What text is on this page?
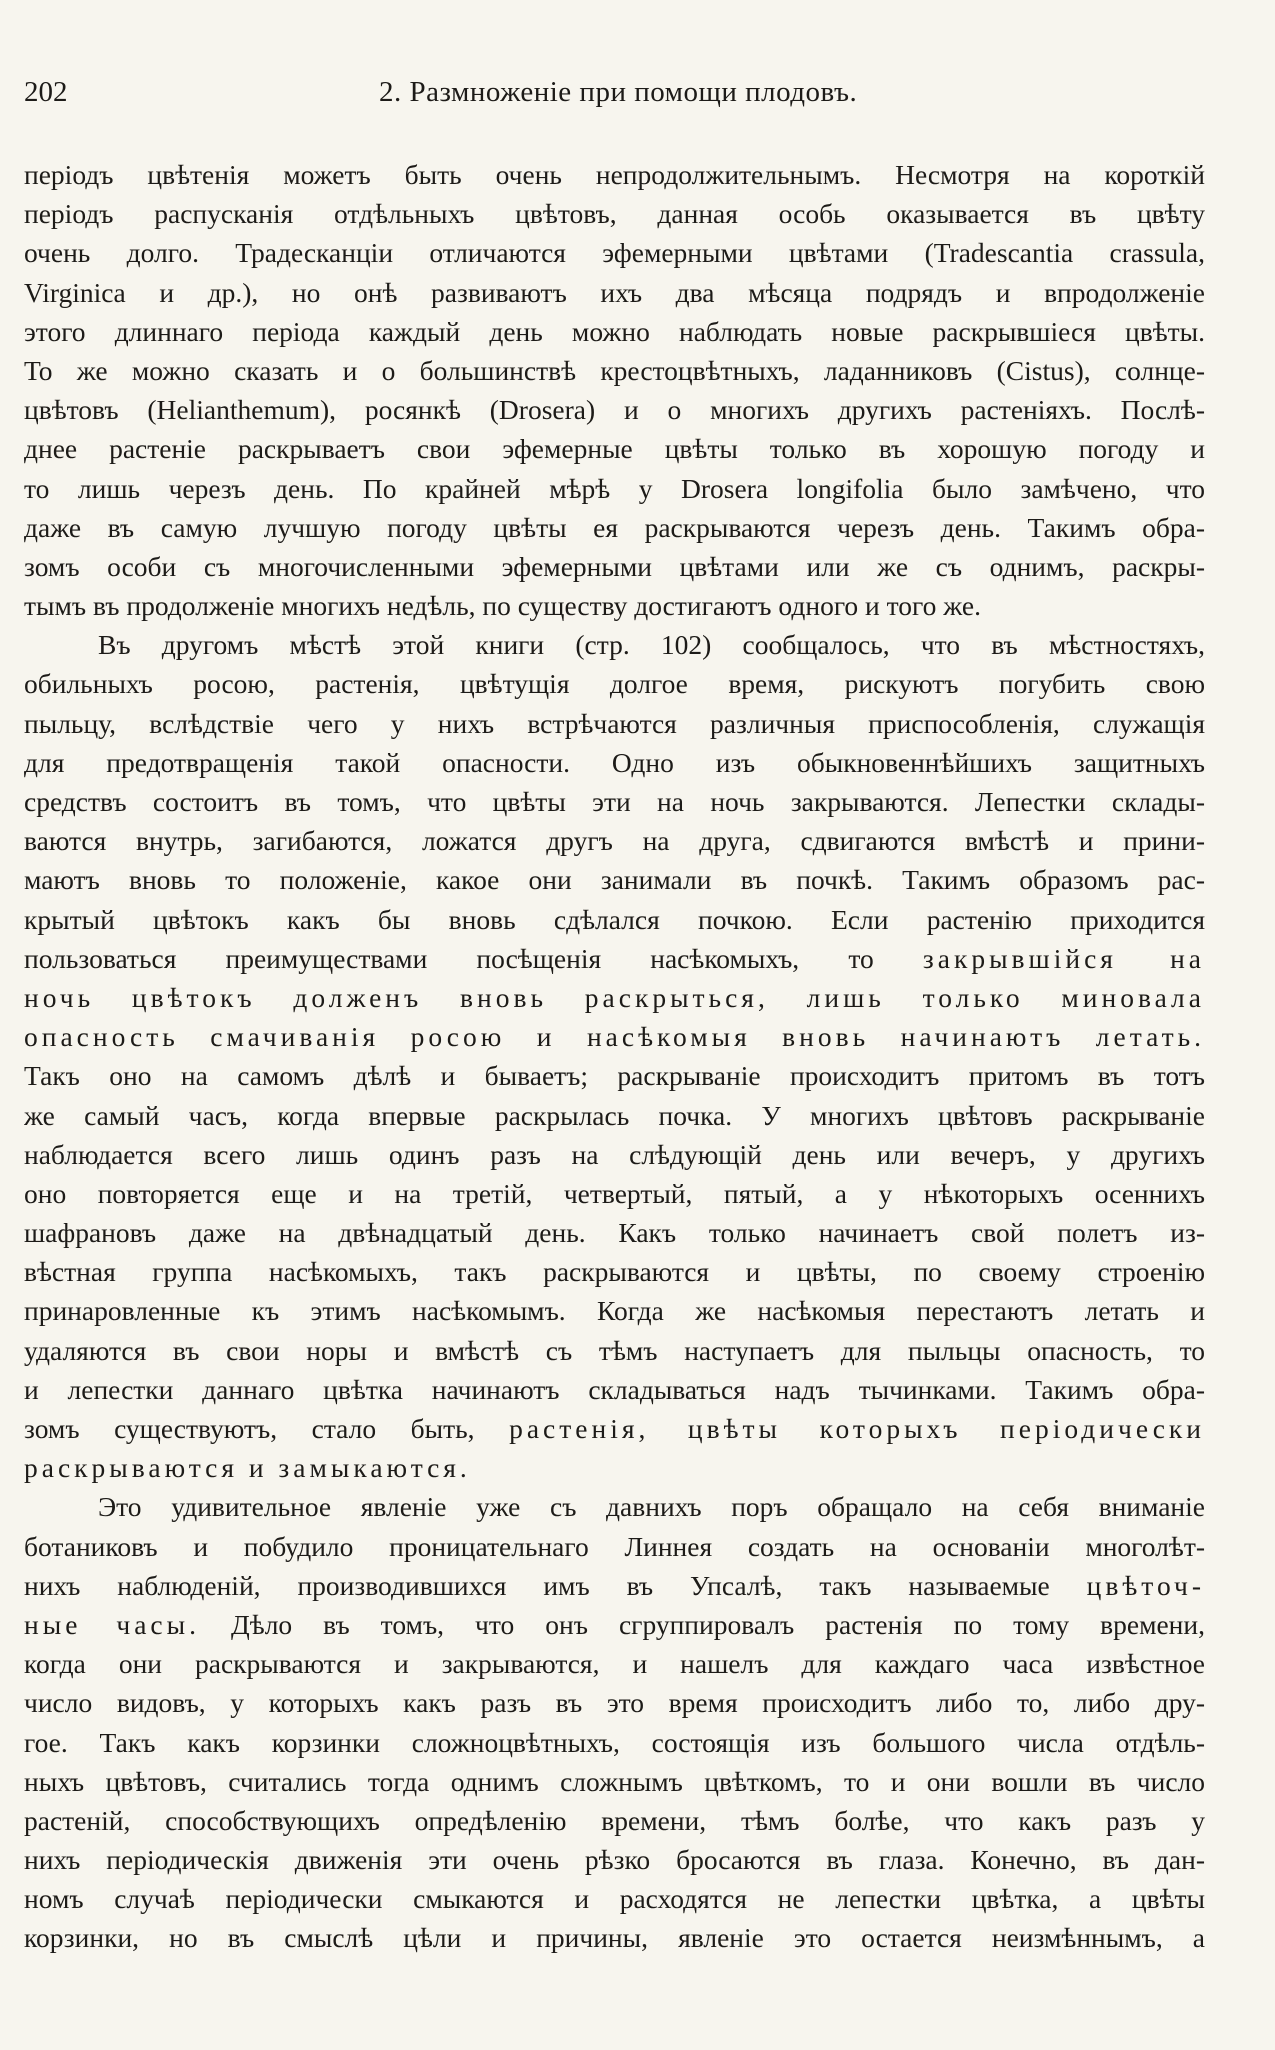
202	2. Размноженіе при помощи плодовъ.
періодъ цвѣтенія можетъ быть очень непродолжительнымъ. Несмотря на короткій
періодъ распусканія отдѣльныхъ цвѣтовъ, данная особь оказывается въ цвѣту
очень долго. Традесканціи отличаются эфемерными цвѣтами (Tradescantia crassula,
Virginica и др.), но онѣ развиваютъ ихъ два мѣсяца подрядъ и впродолженіе
этого длиннаго періода каждый день можно наблюдать новые раскрывшіеся цвѣты.
То же можно сказать и о большинствѣ крестоцвѣтныхъ, ладанниковъ (Cistus), солнце-
цвѣтовъ (Helianthemum), росянкѣ (Drosera) и о многихъ другихъ растеніяхъ. Послѣ-
днее растеніе раскрываетъ свои эфемерные цвѣты только въ хорошую погоду и
то лишь черезъ день. По крайней мѣрѣ у Drosera longifolia было замѣчено, что
даже въ самую лучшую погоду цвѣты ея раскрываются черезъ день. Такимъ обра-
зомъ особи съ многочисленными эфемерными цвѣтами или же съ однимъ, раскры-
тымъ въ продолженіе многихъ недѣль, по существу достигаютъ одного и того же.
Въ другомъ мѣстѣ этой книги (стр. 102) сообщалось, что въ мѣстностяхъ,
обильныхъ росою, растенія, цвѣтущія долгое время, рискуютъ погубить свою
пыльцу, вслѣдствіе чего у нихъ встрѣчаются различныя приспособленія, служащія
для предотвращенія такой опасности. Одно изъ обыкновеннѣйшихъ защитныхъ
средствъ состоитъ въ томъ, что цвѣты эти на ночь закрываются. Лепестки склады-
ваются внутрь, загибаются, ложатся другъ на друга, сдвигаются вмѣстѣ и прини-
маютъ вновь то положеніе, какое они занимали въ почкѣ. Такимъ образомъ рас-
крытый цвѣтокъ какъ бы вновь сдѣлался почкою. Если растенію приходится
пользоваться преимуществами посѣщенія насѣкомыхъ, то закрывшійся на
ночь цвѣтокъ долженъ вновь раскрыться, лишь только миновала
опасность смачиванія росою и насѣкомыя вновь начинаютъ летать.
Такъ оно на самомъ дѣлѣ и бываетъ; раскрываніе происходитъ притомъ въ тотъ
же самый часъ, когда впервые раскрылась почка. У многихъ цвѣтовъ раскрываніе
наблюдается всего лишь одинъ разъ на слѣдующій день или вечеръ, у другихъ
оно повторяется еще и на третій, четвертый, пятый, а у нѣкоторыхъ осеннихъ
шафрановъ даже на двѣнадцатый день. Какъ только начинаетъ свой полетъ из-
вѣстная группа насѣкомыхъ, такъ раскрываются и цвѣты, по своему строенію
принаровленные къ этимъ насѣкомымъ. Когда же насѣкомыя перестаютъ летать и
удаляются въ свои норы и вмѣстѣ съ тѣмъ наступаетъ для пыльцы опасность, то
и лепестки даннаго цвѣтка начинаютъ складываться надъ тычинками. Такимъ обра-
зомъ существуютъ, стало быть, растенія, цвѣты которыхъ періодически
раскрываются и замыкаются.
Это удивительное явленіе уже съ давнихъ поръ обращало на себя вниманіе
ботаниковъ и побудило проницательнаго Линнея создать на основаніи многолѣт-
нихъ наблюденій, производившихся имъ въ Упсалѣ, такъ называемые цвѣточ-
ные часы. Дѣло въ томъ, что онъ сгруппировалъ растенія по тому времени,
когда они раскрываются и закрываются, и нашелъ для каждаго часа извѣстное
число видовъ, у которыхъ какъ разъ въ это время происходитъ либо то, либо дру-
гое. Такъ какъ корзинки сложноцвѣтныхъ, состоящія изъ большого числа отдѣль-
ныхъ цвѣтовъ, считались тогда однимъ сложнымъ цвѣткомъ, то и они вошли въ число
растеній, способствующихъ опредѣленію времени, тѣмъ болѣе, что какъ разъ у
нихъ періодическія движенія эти очень рѣзко бросаются въ глаза. Конечно, въ дан-
номъ случаѣ періодически смыкаются и расходятся не лепестки цвѣтка, а цвѣты
корзинки, но въ смыслѣ цѣли и причины, явленіе это остается неизмѣннымъ, а
